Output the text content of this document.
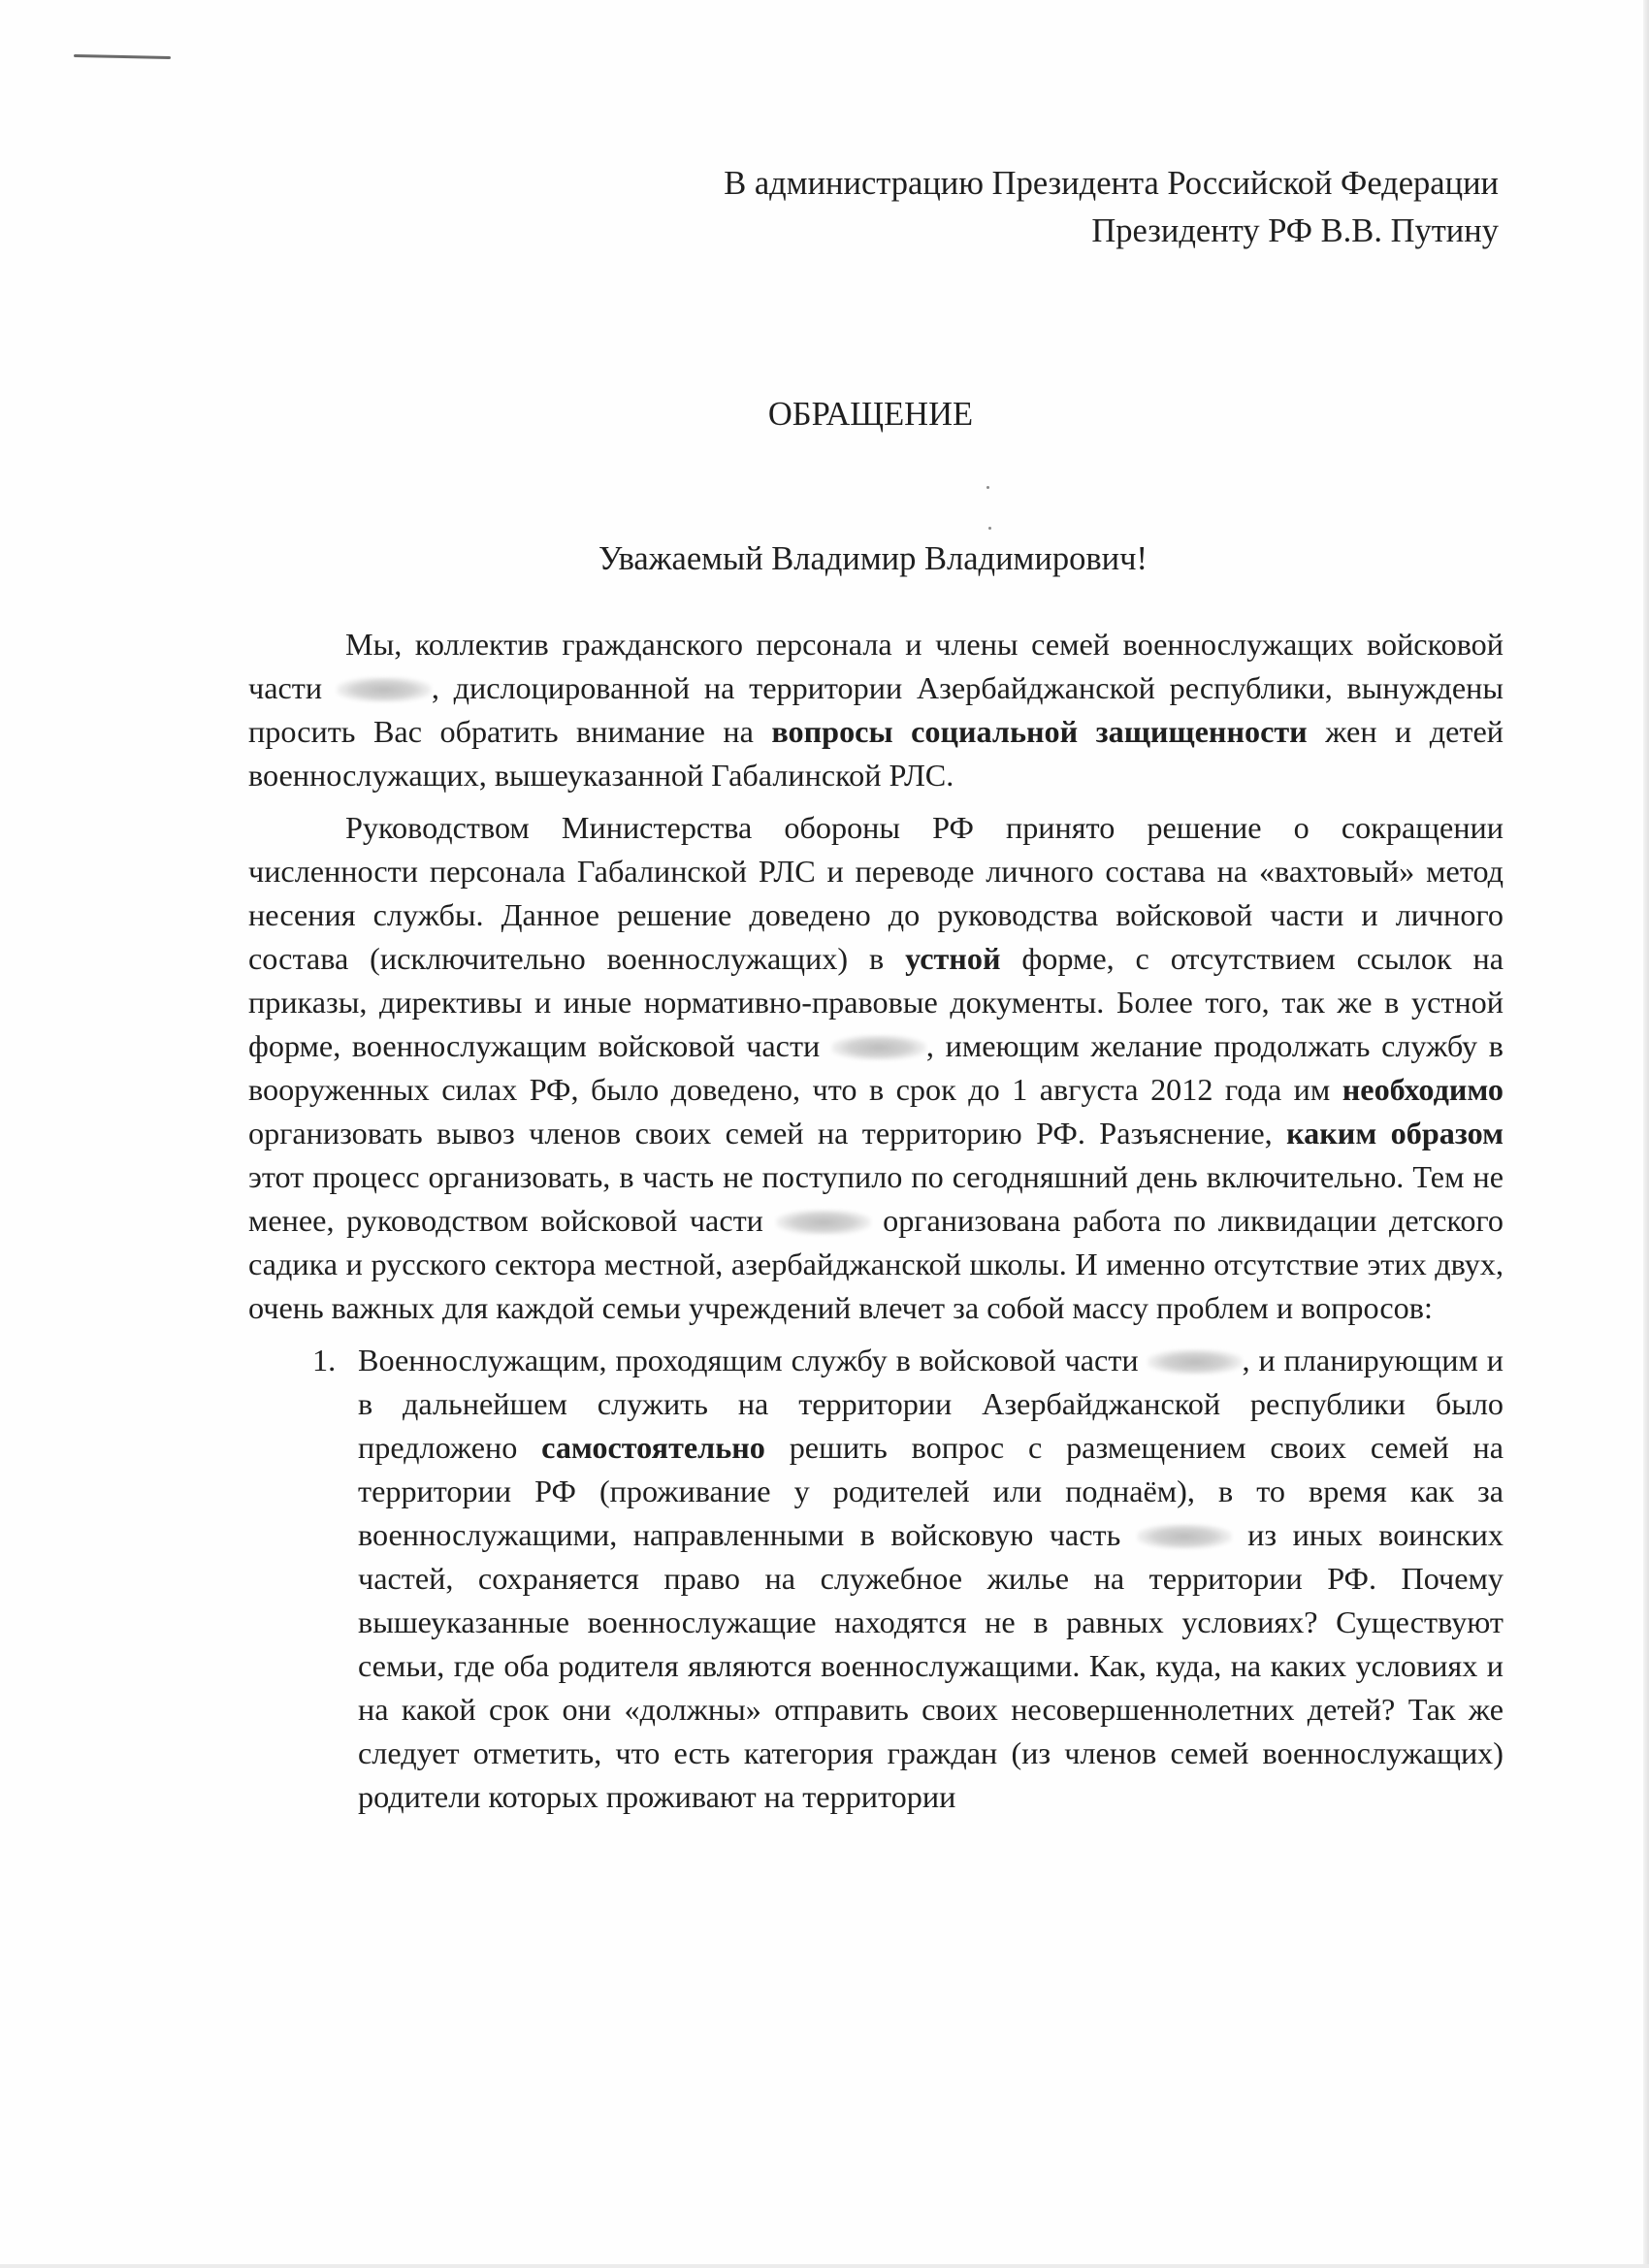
В администрацию Президента Российской Федерации
Президенту РФ В.В. Путину
ОБРАЩЕНИЕ
Уважаемый Владимир Владимирович!

Мы, коллектив гражданского персонала и члены семей военнослужащих войсковой части	, дислоцированной на территории Азербайджанской республики, вынуждены просить Вас обратить внимание на вопросы социальной защищенности жен и детей военнослужащих, вышеуказанной Габалинской РЛС.

Руководством Министерства обороны РФ принято решение о сокращении численности персонала Габалинской РЛС и переводе личного состава на «вахтовый» метод несения службы. Данное решение доведено до руководства войсковой части и личного состава (исключительно военнослужащих) в устной форме, с отсутствием ссылок на приказы, директивы и иные нормативно-правовые документы. Более того, так же в устной форме, военнослужащим войсковой части	, имеющим желание продолжать службу в вооруженных силах РФ, было доведено, что в срок до 1 августа 2012 года им необходимо организовать вывоз членов своих семей на территорию РФ. Разъяснение, каким образом этот процесс организовать, в часть не поступило по сегодняшний день включительно. Тем не менее, руководством войсковой части	организована работа по ликвидации детского садика и русского сектора местной, азербайджанской школы. И именно отсутствие этих двух, очень важных для каждой семьи учреждений влечет за собой массу проблем и вопросов:

1. Военнослужащим, проходящим службу в войсковой части	, и планирующим и в дальнейшем служить на территории Азербайджанской республики было предложено самостоятельно решить вопрос с размещением своих семей на территории РФ (проживание у родителей или поднаём), в то время как за военнослужащими, направленными в войсковую часть	из иных воинских частей, сохраняется право на служебное жилье на территории РФ. Почему вышеуказанные военнослужащие находятся не в равных условиях? Существуют семьи, где оба родителя являются военнослужащими. Как, куда, на каких условиях и на какой срок они «должны» отправить своих несовершеннолетних детей? Так же следует отметить, что есть категория граждан (из членов семей военнослужащих) родители которых проживают на территории
